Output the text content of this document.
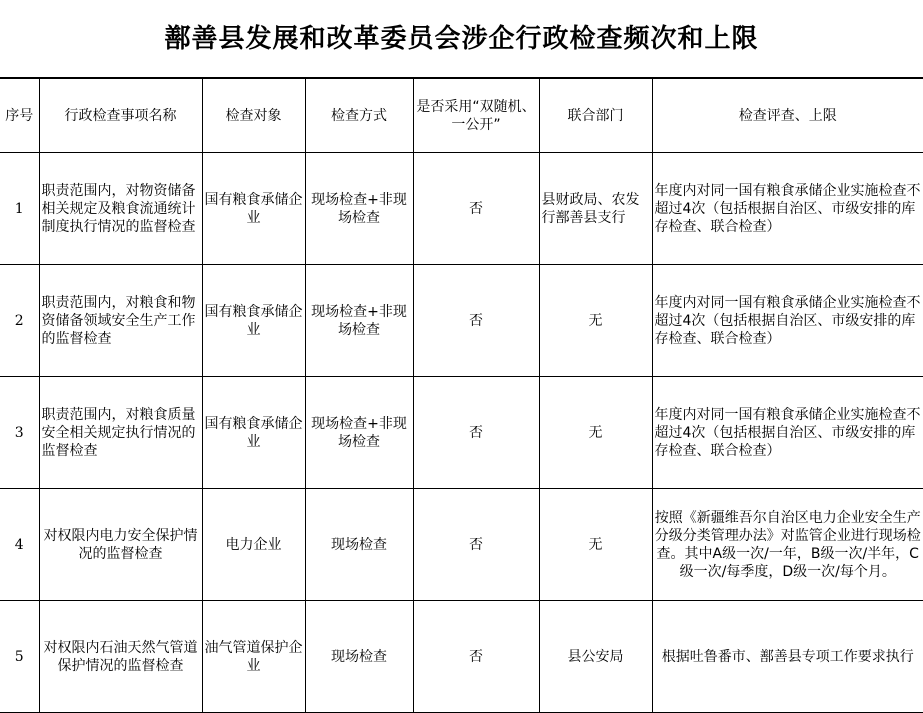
鄯善县发展和改革委员会涉企行政检查频次和上限
序号	行政检查事项名称	检查对象	检查方式	是否采用“双随机、一公开”	联合部门	检查评查、上限
1	职责范围内，对物资储备相关规定及粮食流通统计制度执行情况的监督检查	国有粮食承储企业	现场检查+非现场检查	否	县财政局、农发行鄯善县支行	年度内对同一国有粮食承储企业实施检查不超过4次（包括根据自治区、市级安排的库存检查、联合检查）
2	职责范围内，对粮食和物资储备领域安全生产工作的监督检查	国有粮食承储企业	现场检查+非现场检查	否	无	年度内对同一国有粮食承储企业实施检查不超过4次（包括根据自治区、市级安排的库存检查、联合检查）
3	职责范围内，对粮食质量安全相关规定执行情况的监督检查	国有粮食承储企业	现场检查+非现场检查	否	无	年度内对同一国有粮食承储企业实施检查不超过4次（包括根据自治区、市级安排的库存检查、联合检查）
4	对权限内电力安全保护情况的监督检查	电力企业	现场检查	否	无	按照《新疆维吾尔自治区电力企业安全生产分级分类管理办法》对监管企业进行现场检查。其中A级一次/一年，B级一次/半年，C级一次/每季度，D级一次/每个月。
5	对权限内石油天然气管道保护情况的监督检查	油气管道保护企业	现场检查	否	县公安局	根据吐鲁番市、鄯善县专项工作要求执行
